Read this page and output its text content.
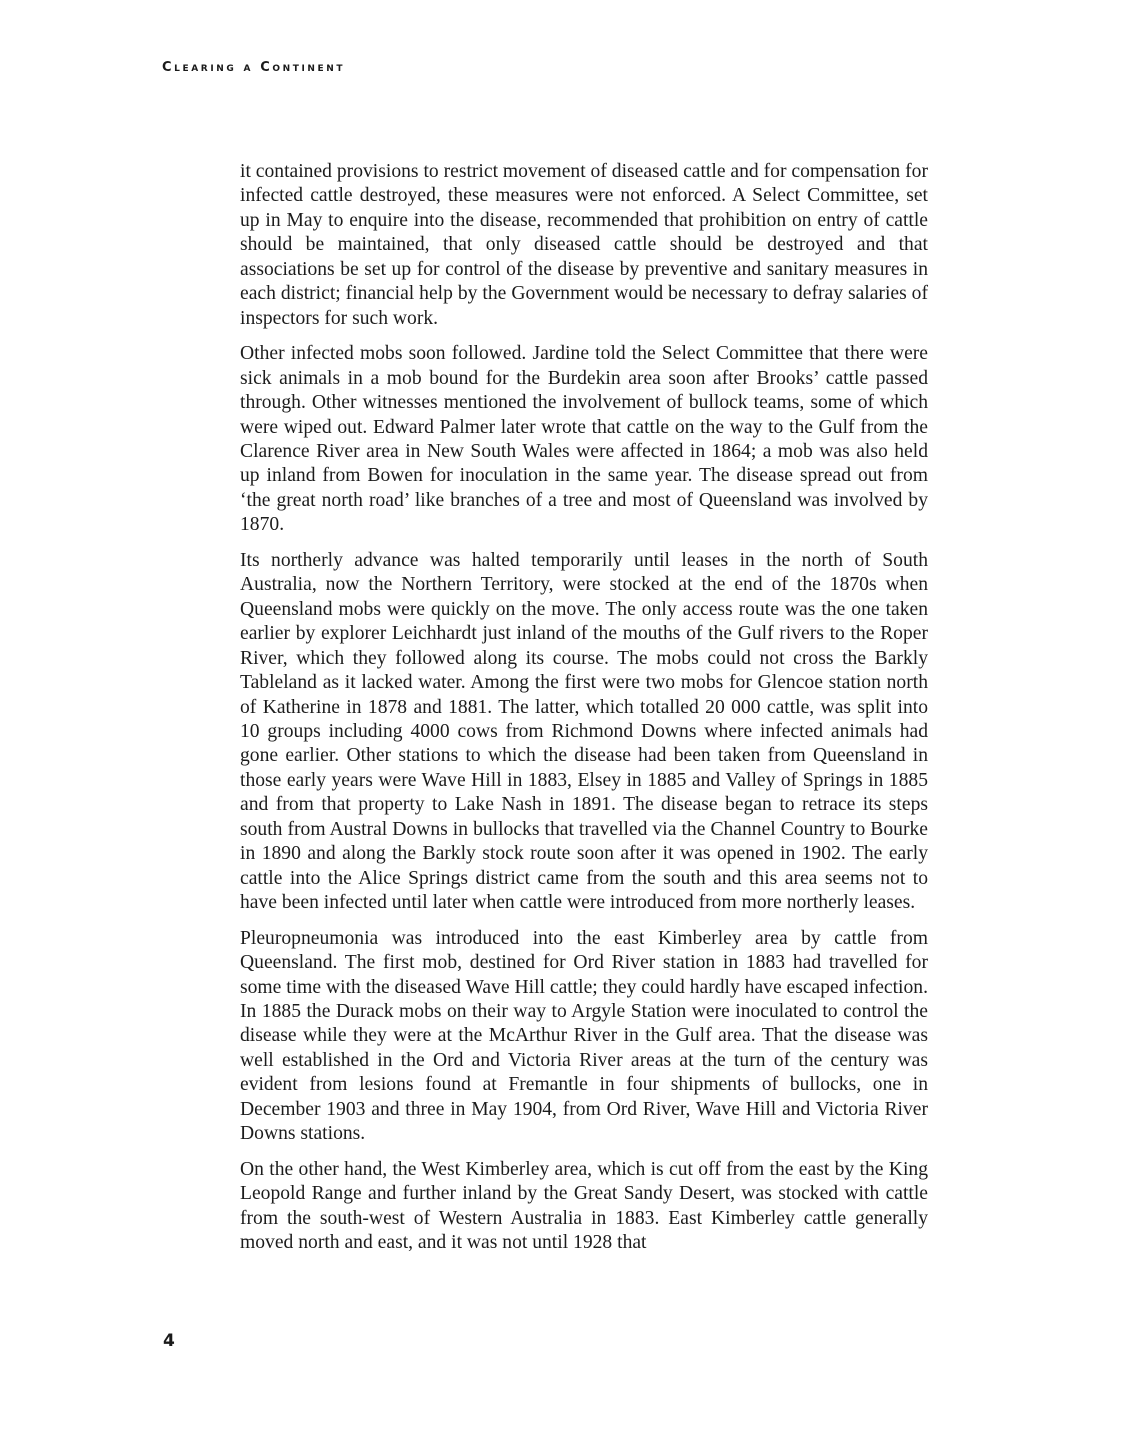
Clearing a Continent

it contained provisions to restrict movement of diseased cattle and for compensation for infected cattle destroyed, these measures were not enforced. A Select Committee, set up in May to enquire into the disease, recommended that prohibition on entry of cattle should be maintained, that only diseased cattle should be destroyed and that associations be set up for control of the disease by preventive and sanitary measures in each district; financial help by the Government would be necessary to defray salaries of inspectors for such work.

Other infected mobs soon followed. Jardine told the Select Committee that there were sick animals in a mob bound for the Burdekin area soon after Brooks’ cattle passed through. Other witnesses mentioned the involvement of bullock teams, some of which were wiped out. Edward Palmer later wrote that cattle on the way to the Gulf from the Clarence River area in New South Wales were affected in 1864; a mob was also held up inland from Bowen for inoculation in the same year. The disease spread out from ‘the great north road’ like branches of a tree and most of Queensland was involved by 1870.

Its northerly advance was halted temporarily until leases in the north of South Australia, now the Northern Territory, were stocked at the end of the 1870s when Queensland mobs were quickly on the move. The only access route was the one taken earlier by explorer Leichhardt just inland of the mouths of the Gulf rivers to the Roper River, which they followed along its course. The mobs could not cross the Barkly Tableland as it lacked water. Among the first were two mobs for Glencoe station north of Katherine in 1878 and 1881. The latter, which totalled 20 000 cattle, was split into 10 groups including 4000 cows from Richmond Downs where infected animals had gone earlier. Other stations to which the disease had been taken from Queensland in those early years were Wave Hill in 1883, Elsey in 1885 and Valley of Springs in 1885 and from that property to Lake Nash in 1891. The disease began to retrace its steps south from Austral Downs in bullocks that travelled via the Channel Country to Bourke in 1890 and along the Barkly stock route soon after it was opened in 1902. The early cattle into the Alice Springs district came from the south and this area seems not to have been infected until later when cattle were introduced from more northerly leases.

Pleuropneumonia was introduced into the east Kimberley area by cattle from Queensland. The first mob, destined for Ord River station in 1883 had travelled for some time with the diseased Wave Hill cattle; they could hardly have escaped infection. In 1885 the Durack mobs on their way to Argyle Station were inoculated to control the disease while they were at the McArthur River in the Gulf area. That the disease was well established in the Ord and Victoria River areas at the turn of the century was evident from lesions found at Fremantle in four shipments of bullocks, one in December 1903 and three in May 1904, from Ord River, Wave Hill and Victoria River Downs stations.

On the other hand, the West Kimberley area, which is cut off from the east by the King Leopold Range and further inland by the Great Sandy Desert, was stocked with cattle from the south-west of Western Australia in 1883. East Kimberley cattle generally moved north and east, and it was not until 1928 that

4
